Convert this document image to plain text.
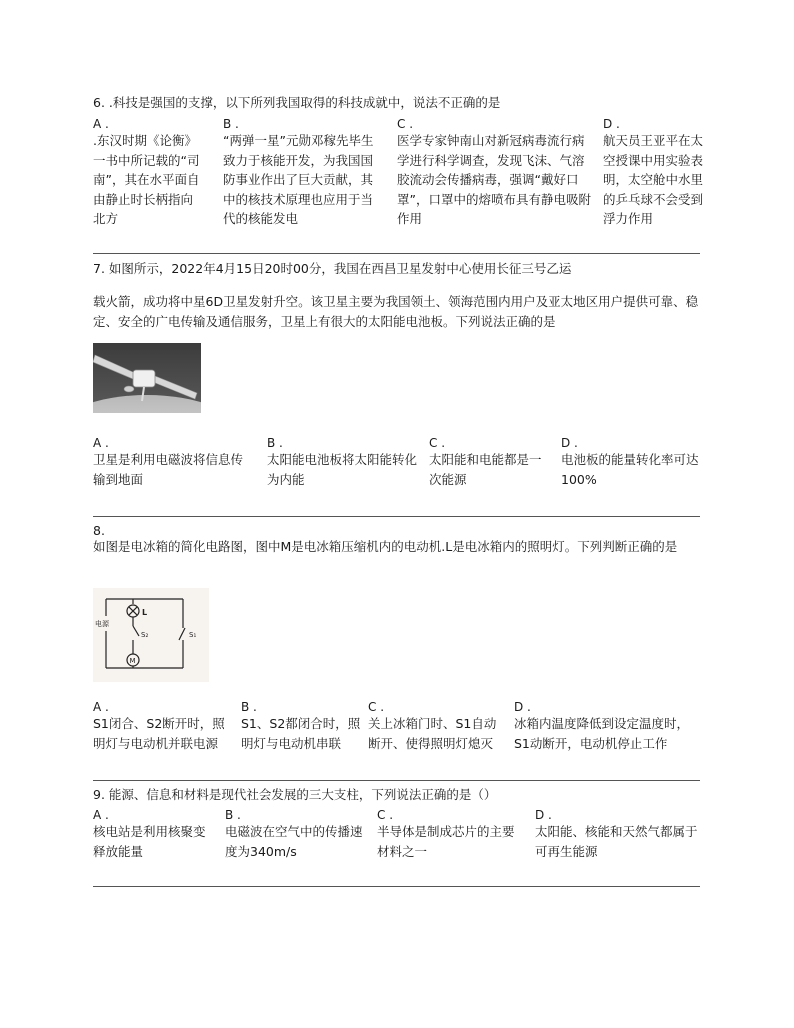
6. .科技是强国的支撑，以下所列我国取得的科技成就中，说法不正确的是
A .
.东汉时期《论衡》一书中所记载的“司南”，其在水平面自由静止时长柄指向北方
B .
“两弹一星”元勋邓稼先毕生致力于核能开发，为我国国防事业作出了巨大贡献，其中的核技术原理也应用于当代的核能发电
C .
医学专家钟南山对新冠病毒流行病学进行科学调查，发现飞沫、气溶胶流动会传播病毒，强调“戴好口罩”，口罩中的熔喷布具有静电吸附作用
D .
航天员王亚平在太空授课中用实验表明，太空舱中水里的乒乓球不会受到浮力作用
7. 如图所示，2022年4月15日20时00分，我国在西昌卫星发射中心使用长征三号乙运
载火箭，成功将中星6D卫星发射升空。该卫星主要为我国领土、领海范围内用户及亚太地区用户提供可靠、稳定、安全的广电传输及通信服务，卫星上有很大的太阳能电池板。下列说法正确的是
A .
卫星是利用电磁波将信息传输到地面
B .
太阳能电池板将太阳能转化为内能
C .
太阳能和电能都是一次能源
D .
电池板的能量转化率可达100%
8.
如图是电冰箱的简化电路图，图中M是电冰箱压缩机内的电动机.L是电冰箱内的照明灯。下列判断正确的是
L
电源
S₂	S₁
M
A .
S1闭合、S2断开时，照明灯与电动机并联电源
B .
S1、S2都闭合时，照明灯与电动机串联
C .
关上冰箱门时、S1自动断开、使得照明灯熄灭
D .
冰箱内温度降低到设定温度时，S1动断开，电动机停止工作
9. 能源、信息和材料是现代社会发展的三大支柱，下列说法正确的是（）
A .
核电站是利用核聚变释放能量
B .
电磁波在空气中的传播速度为340m/s
C .
半导体是制成芯片的主要材料之一
D .
太阳能、核能和天然气都属于可再生能源
